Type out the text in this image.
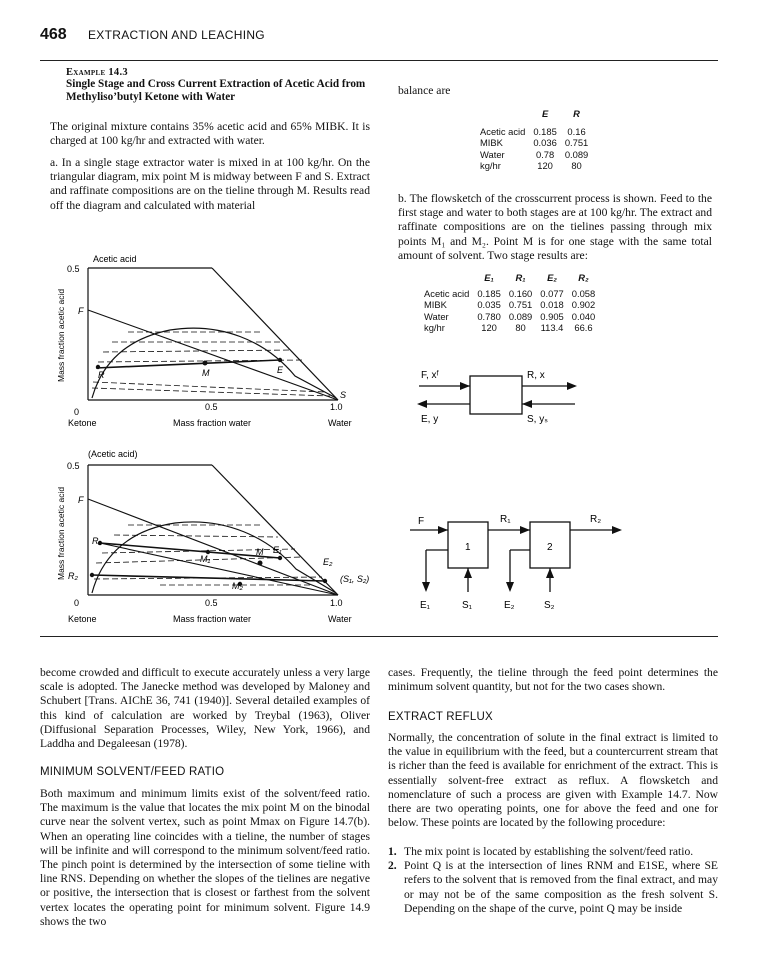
468 EXTRACTION AND LEACHING
Example 14.3
Single Stage and Cross Current Extraction of Acetic Acid from
Methyliso’butyl Ketone with Water
The original mixture contains 35% acetic acid and 65% MIBK. It is charged at 100 kg/hr and extracted with water.
a. In a single stage extractor water is mixed in at 100 kg/hr. On the triangular diagram, mix point M is midway between F and S. Extract and raffinate compositions are on the tieline through M. Results read off the diagram and calculated with material
balance are
	E	R

Acetic acid	0.185	0.16
MIBK	0.036	0.751
Water	0.78	0.089
kg/hr	120	80
b. The flowsketch of the crosscurrent process is shown. Feed to the first stage and water to both stages are at 100 kg/hr. The extract and raffinate compositions are on the tielines passing through mix points M₁ and M₂. Point M is for one stage with the same total amount of solvent. Two stage results are:
	E₁	R₁	E₂	R₂

Acetic acid	0.185	0.160	0.077	0.058
MIBK	0.035	0.751	0.018	0.902
Water	0.780	0.089	0.905	0.040
kg/hr	120	80	113.4	66.6
Acetic acid
0.5
Mass fraction acetic acid F
R	M	E
S
0	0.5	1.0
Ketone	Mass fraction water	Water
(Acetic acid)
0.5
Mass fraction acetic acid F
R₁
R₂
M₁
M E₁
E₂
M₂
(S₁, S₂)
0	0.5	1.0
Ketone	Mass fraction water	Water
F, xᶠ	R, x
E, y	S, yₛ
F	R₁	R₂
1	2
E₁	S₁	E₂	S₂
become crowded and difficult to execute accurately unless a very large scale is adopted. The Janecke method was developed by Maloney and Schubert [Trans. AIChE 36, 741 (1940)]. Several detailed examples of this kind of calculation are worked by Treybal (1963), Oliver (Diffusional Separation Processes, Wiley, New York, 1966), and Laddha and Degaleesan (1978).
MINIMUM SOLVENT/FEED RATIO
Both maximum and minimum limits exist of the solvent/feed ratio. The maximum is the value that locates the mix point M on the binodal curve near the solvent vertex, such as point Mmax on Figure 14.7(b). When an operating line coincides with a tieline, the number of stages will be infinite and will correspond to the minimum solvent/feed ratio. The pinch point is determined by the intersection of some tieline with line RNS. Depending on whether the slopes of the tielines are negative or positive, the intersection that is closest or farthest from the solvent vertex locates the operating point for minimum solvent. Figure 14.9 shows the two
cases. Frequently, the tieline through the feed point determines the minimum solvent quantity, but not for the two cases shown.
EXTRACT REFLUX
Normally, the concentration of solute in the final extract is limited to the value in equilibrium with the feed, but a countercurrent stream that is richer than the feed is available for enrichment of the extract. This is essentially solvent-free extract as reflux. A flowsketch and nomenclature of such a process are given with Example 14.7. Now there are two operating points, one for above the feed and one for below. These points are located by the following procedure:
1. The mix point is located by establishing the solvent/feed ratio.
2. Point Q is at the intersection of lines RNM and E1SE, where SE refers to the solvent that is removed from the final extract, and may or may not be of the same composition as the fresh solvent S. Depending on the shape of the curve, point Q may be inside
